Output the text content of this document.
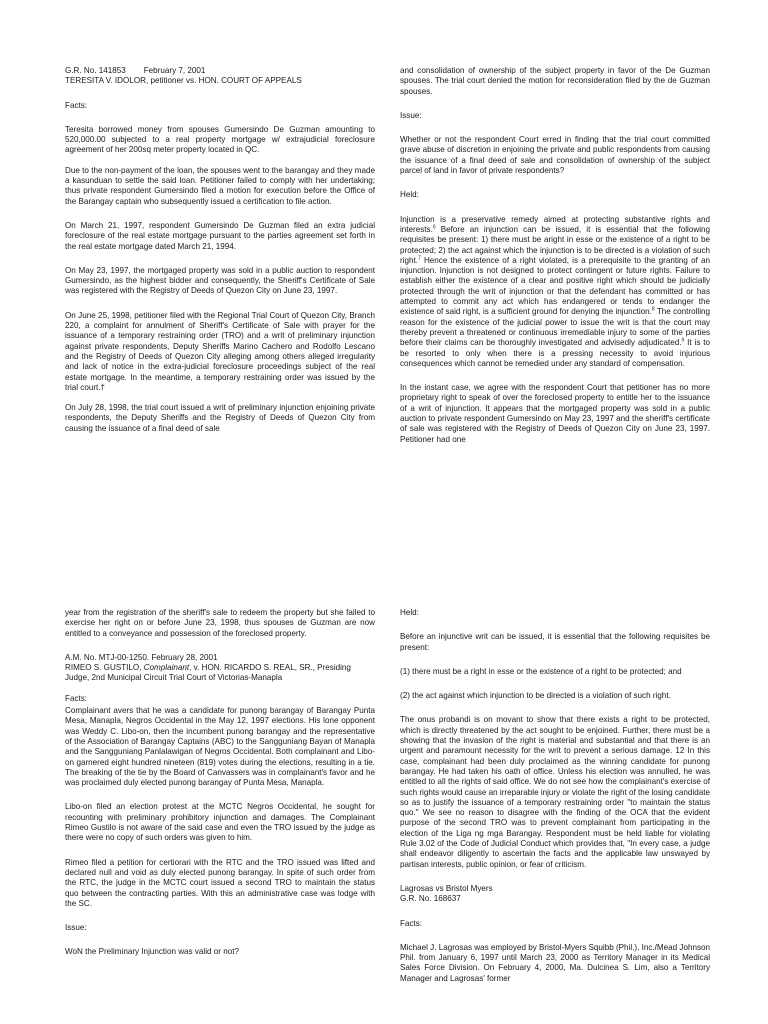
G.R. No. 141853        February 7, 2001
TERESITA V. IDOLOR, petitioner vs. HON. COURT OF APPEALS

Facts:

Teresita borrowed money from spouses Gumersindo De Guzman amounting to 520,000.00 subjected to a real property mortgage w/ extrajudicial foreclosure agreement of her 200sq meter property located in QC.

Due to the non-payment of the loan, the spouses went to the barangay and they made a kasunduan to settle the said loan. Petitioner failed to comply with her undertaking; thus private respondent Gumersindo filed a motion for execution before the Office of the Barangay captain who subsequently issued a certification to file action.

On March 21, 1997, respondent Gumersindo De Guzman filed an extra judicial foreclosure of the real estate mortgage pursuant to the parties agreement set forth in the real estate mortgage dated March 21, 1994.

On May 23, 1997, the mortgaged property was sold in a public auction to respondent Gumersindo, as the highest bidder and consequently, the Sheriff's Certificate of Sale was registered with the Registry of Deeds of Quezon City on June 23, 1997.

On June 25, 1998, petitioner filed with the Regional Trial Court of Quezon City, Branch 220, a complaint for annulment of Sheriff's Certificate of Sale with prayer for the issuance of a temporary restraining order (TRO) and a writ of preliminary injunction against private respondents, Deputy Sheriffs Marino Cachero and Rodolfo Lescano and the Registry of Deeds of Quezon City alleging among others alleged irregularity and lack of notice in the extra-judicial foreclosure proceedings subject of the real estate mortgage. In the meantime, a temporary restraining order was issued by the trial court.†

On July 28, 1998, the trial court issued a writ of preliminary injunction enjoining private respondents, the Deputy Sheriffs and the Registry of Deeds of Quezon City from causing the issuance of a final deed of sale

and consolidation of ownership of the subject property in favor of the De Guzman spouses. The trial court denied the motion for reconsideration filed by the de Guzman spouses.

Issue:

Whether or not the respondent Court erred in finding that the trial court committed grave abuse of discretion in enjoining the private and public respondents from causing the issuance of a final deed of sale and consolidation of ownership of the subject parcel of land in favor of private respondents?

Held:

Injunction is a preservative remedy aimed at protecting substantive rights and interests.$^6$ Before an injunction can be issued, it is essential that the following requisites be present: 1) there must be aright in esse or the existence of a right to be protected; 2) the act against which the injunction is to be directed is a violation of such right.$^7$ Hence the existence of a right violated, is a prerequisite to the granting of an injunction. Injunction is not designed to protect contingent or future rights. Failure to establish either the existence of a clear and positive right which should be judicially protected through the writ of injunction or that the defendant has committed or has attempted to commit any act which has endangered or tends to endanger the existence of said right, is a sufficient ground for denying the injunction.$^8$ The controlling reason for the existence of the judicial power to issue the writ is that the court may thereby prevent a threatened or continuous irremediable injury to some of the parties before their claims can be thoroughly investigated and advisedly adjudicated.$^9$ It is to be resorted to only when there is a pressing necessity to avoid injurious consequences which cannot be remedied under any standard of compensation.

In the instant case, we agree with the respondent Court that petitioner has no more proprietary right to speak of over the foreclosed property to entitle her to the issuance of a writ of injunction. It appears that the mortgaged property was sold in a public auction to private respondent Gumersindo on May 23, 1997 and the sheriff's certificate of sale was registered with the Registry of Deeds of Quezon City on June 23, 1997. Petitioner had one

year from the registration of the sheriff's sale to redeem the property but she failed to exercise her right on or before June 23, 1998, thus spouses de Guzman are now entitled to a conveyance and possession of the foreclosed property.

A.M. No. MTJ-00-1250. February 28, 2001
RIMEO S. GUSTILO, Complainant, v. HON. RICARDO S. REAL, SR., Presiding Judge, 2nd Municipal Circuit Trial Court of Victorias-Manapla

Facts:

Complainant avers that he was a candidate for punong barangay of Barangay Punta Mesa, Manapla, Negros Occidental in the May 12, 1997 elections. His lone opponent was Weddy C. Libo-on, then the incumbent punong barangay and the representative of the Association of Barangay Captains (ABC) to the Sangguniang Bayan of Manapla and the Sangguniang Panlalawigan of Negros Occidental. Both complainant and Libo-on garnered eight hundred nineteen (819) votes during the elections, resulting in a tie. The breaking of the tie by the Board of Canvassers was in complainant's favor and he was proclaimed duly elected punong barangay of Punta Mesa, Manapla.

Libo-on filed an election protest at the MCTC Negros Occidental, he sought for recounting with preliminary prohibitory injunction and damages. The Complainant Rimeo Gustilo is not aware of the said case and even the TRO issued by the judge as there were no copy of such orders was given to him.

Rimeo filed a petition for certiorari with the RTC and the TRO issued was lifted and declared null and void as duly elected punong barangay. In spite of such order from the RTC, the judge in the MCTC court issued a second TRO to maintain the status quo between the contracting parties. With this an administrative case was lodge with the SC.

Issue:

WoN the Preliminary Injunction was valid or not?

Held:

Before an injunctive writ can be issued, it is essential that the following requisites be present:

(1) there must be a right in esse or the existence of a right to be protected; and

(2) the act against which injunction to be directed is a violation of such right.

The onus probandi is on movant to show that there exists a right to be protected, which is directly threatened by the act sought to be enjoined. Further, there must be a showing that the invasion of the right is material and substantial and that there is an urgent and paramount necessity for the writ to prevent a serious damage. 12 In this case, complainant had been duly proclaimed as the winning candidate for punong barangay. He had taken his oath of office. Unless his election was annulled, he was entitled to all the rights of said office. We do not see how the complainant's exercise of such rights would cause an irreparable injury or violate the right of the losing candidate so as to justify the issuance of a temporary restraining order "to maintain the status quo." We see no reason to disagree with the finding of the OCA that the evident purpose of the second TRO was to prevent complainant from participating in the election of the Liga ng mga Barangay. Respondent must be held liable for violating Rule 3.02 of the Code of Judicial Conduct which provides that, "In every case, a judge shall endeavor diligently to ascertain the facts and the applicable law unswayed by partisan interests, public opinion, or fear of criticism.

Lagrosas vs Bristol Myers
G.R. No. 168637

Facts:

Michael J. Lagrosas was employed by Bristol-Myers Squibb (Phil.), Inc./Mead Johnson Phil. from January 6, 1997 until March 23, 2000 as Territory Manager in its Medical Sales Force Division. On February 4, 2000, Ma. Dulcinea S. Lim, also a Territory Manager and Lagrosas' former
